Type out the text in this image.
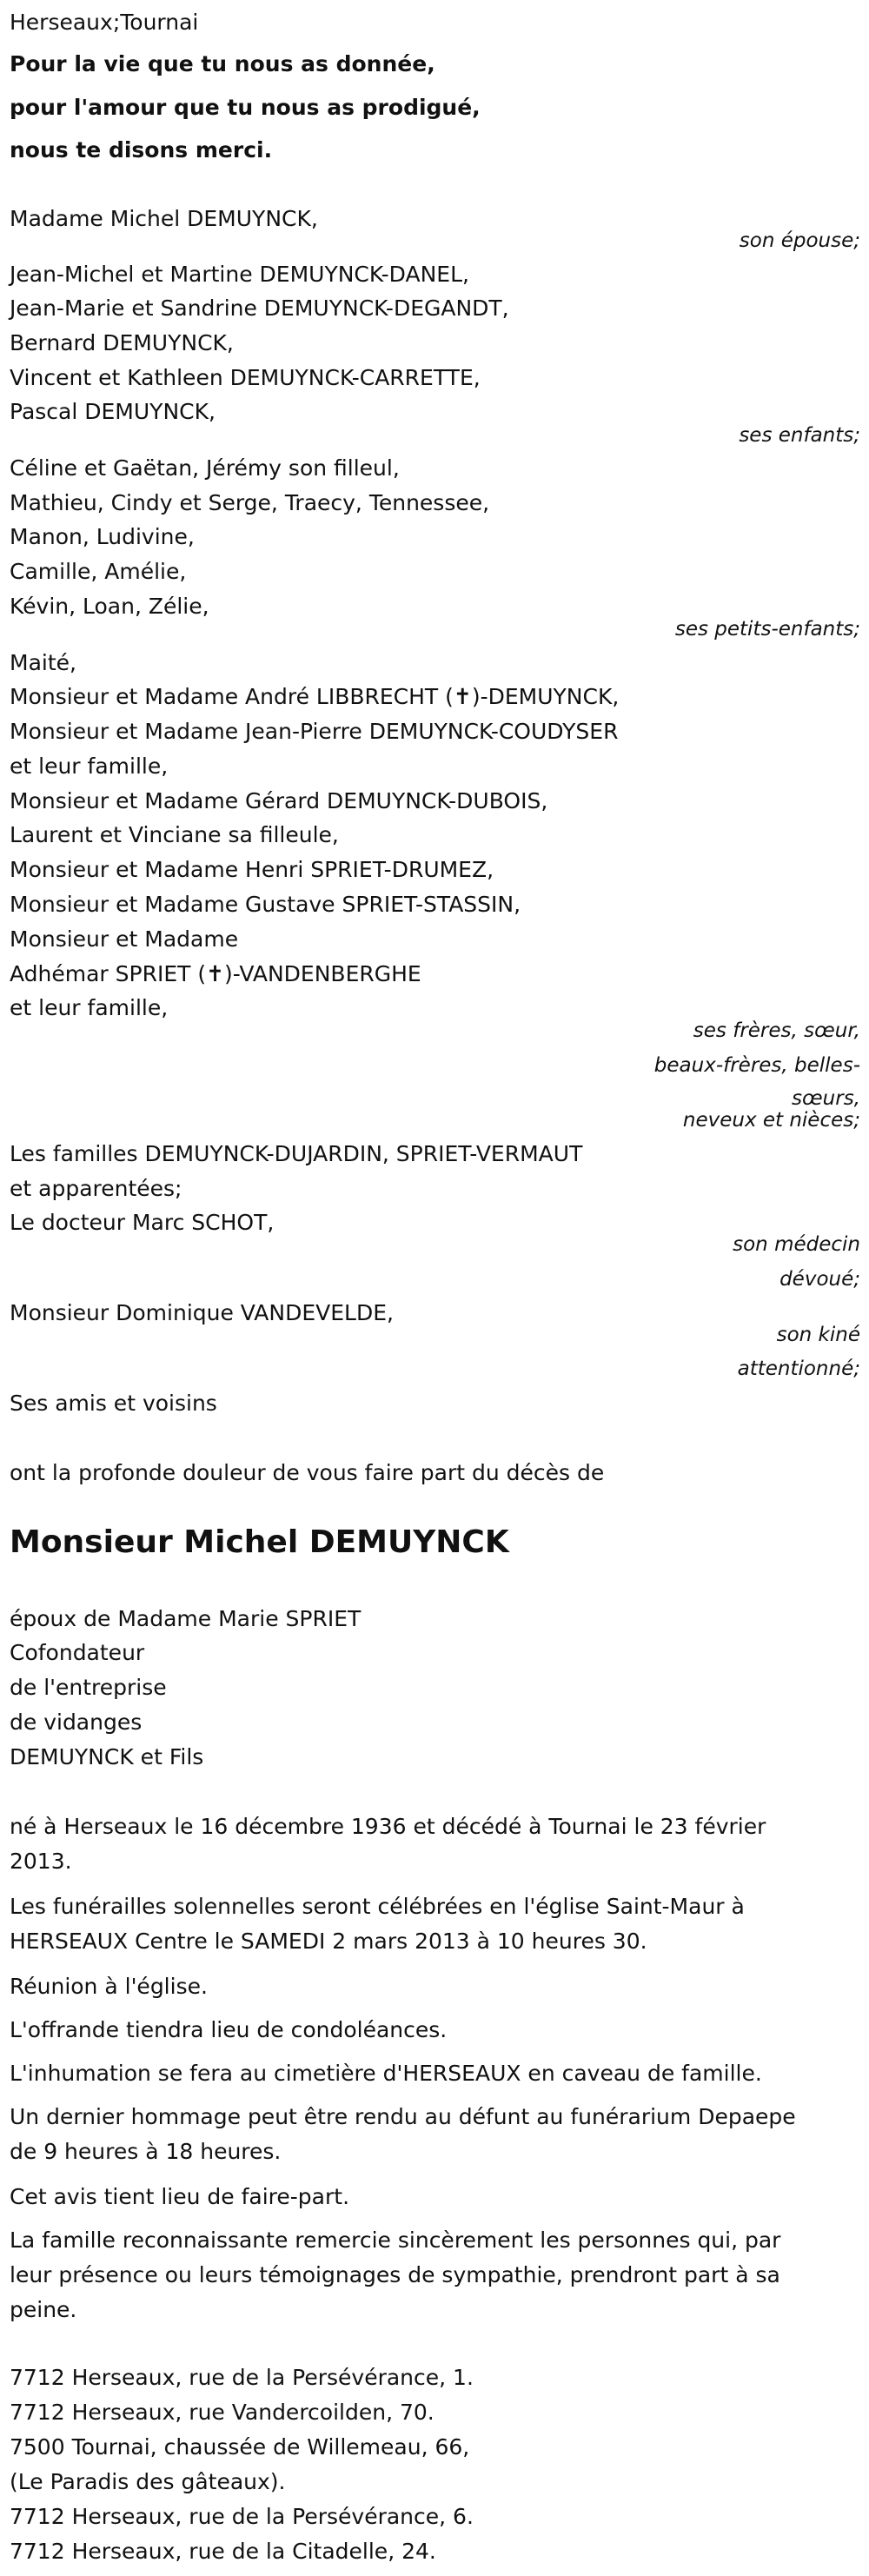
Herseaux;Tournai
Pour la vie que tu nous as donnée,
pour l'amour que tu nous as prodigué,
nous te disons merci.
Madame Michel DEMUYNCK,
son épouse;
Jean-Michel et Martine DEMUYNCK-DANEL,
Jean-Marie et Sandrine DEMUYNCK-DEGANDT,
Bernard DEMUYNCK,
Vincent et Kathleen DEMUYNCK-CARRETTE,
Pascal DEMUYNCK,
ses enfants;
Céline et Gaëtan, Jérémy son filleul,
Mathieu, Cindy et Serge, Traecy, Tennessee,
Manon, Ludivine,
Camille, Amélie,
Kévin, Loan, Zélie,
ses petits-enfants;
Maité,
Monsieur et Madame André LIBBRECHT (✝)-DEMUYNCK,
Monsieur et Madame Jean-Pierre DEMUYNCK-COUDYSER
et leur famille,
Monsieur et Madame Gérard DEMUYNCK-DUBOIS,
Laurent et Vinciane sa filleule,
Monsieur et Madame Henri SPRIET-DRUMEZ,
Monsieur et Madame Gustave SPRIET-STASSIN,
Monsieur et Madame
Adhémar SPRIET (✝)-VANDENBERGHE
et leur famille,
ses frères, sœur,
beaux-frères, belles-
sœurs,
neveux et nièces;
Les familles DEMUYNCK-DUJARDIN, SPRIET-VERMAUT
et apparentées;
Le docteur Marc SCHOT,
son médecin
dévoué;
Monsieur Dominique VANDEVELDE,
son kiné
attentionné;
Ses amis et voisins
ont la profonde douleur de vous faire part du décès de
Monsieur Michel DEMUYNCK
époux de Madame Marie SPRIET
Cofondateur
de l'entreprise
de vidanges
DEMUYNCK et Fils
né à Herseaux le 16 décembre 1936 et décédé à Tournai le 23 février
2013.
Les funérailles solennelles seront célébrées en l'église Saint-Maur à
HERSEAUX Centre le SAMEDI 2 mars 2013 à 10 heures 30.
Réunion à l'église.
L'offrande tiendra lieu de condoléances.
L'inhumation se fera au cimetière d'HERSEAUX en caveau de famille.
Un dernier hommage peut être rendu au défunt au funérarium Depaepe
de 9 heures à 18 heures.
Cet avis tient lieu de faire-part.
La famille reconnaissante remercie sincèrement les personnes qui, par
leur présence ou leurs témoignages de sympathie, prendront part à sa
peine.
7712 Herseaux, rue de la Persévérance, 1.
7712 Herseaux, rue Vandercoilden, 70.
7500 Tournai, chaussée de Willemeau, 66,
(Le Paradis des gâteaux).
7712 Herseaux, rue de la Persévérance, 6.
7712 Herseaux, rue de la Citadelle, 24.
